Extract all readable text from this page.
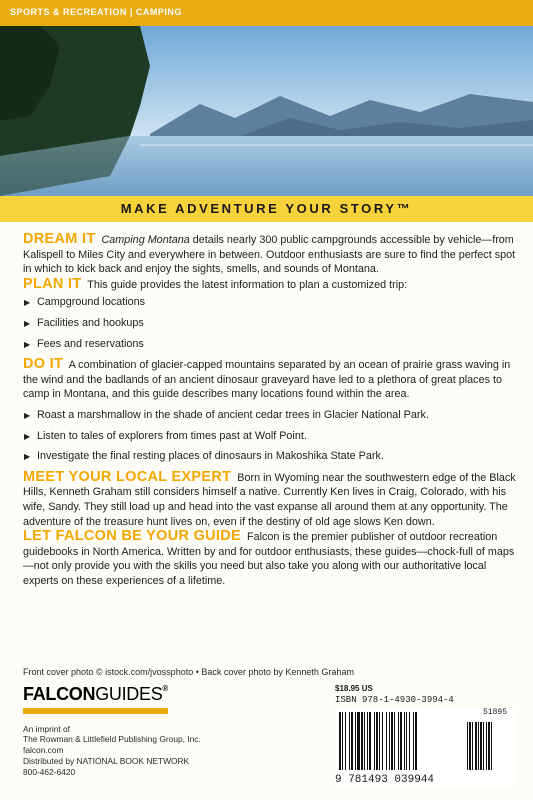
SPORTS & RECREATION | CAMPING
MAKE ADVENTURE YOUR STORY™

DREAM IT Camping Montana details nearly 300 public campgrounds accessible by vehicle—from Kalispell to Miles City and everywhere in between. Outdoor enthusiasts are sure to find the perfect spot in which to kick back and enjoy the sights, smells, and sounds of Montana.

PLAN IT This guide provides the latest information to plan a customized trip:

▶ Campground locations
▶ Facilities and hookups
▶ Fees and reservations

DO IT A combination of glacier-capped mountains separated by an ocean of prairie grass waving in the wind and the badlands of an ancient dinosaur graveyard have led to a plethora of great places to camp in Montana, and this guide describes many locations found within the area.

▶ Roast a marshmallow in the shade of ancient cedar trees in Glacier National Park.
▶ Listen to tales of explorers from times past at Wolf Point.
▶ Investigate the final resting places of dinosaurs in Makoshika State Park.

MEET YOUR LOCAL EXPERT Born in Wyoming near the southwestern edge of the Black Hills, Kenneth Graham still considers himself a native. Currently Ken lives in Craig, Colorado, with his wife, Sandy. They still load up and head into the vast expanse all around them at any opportunity. The adventure of the treasure hunt lives on, even if the destiny of old age slows Ken down.

LET FALCON BE YOUR GUIDE Falcon is the premier publisher of outdoor recreation guidebooks in North America. Written by and for outdoor enthusiasts, these guides—chock-full of maps—not only provide you with the skills you need but also take you along with our authoritative local experts on these experiences of a lifetime.

Front cover photo © istock.com/jvossphoto • Back cover photo by Kenneth Graham
FALCONGUIDES®
An imprint of
The Rowman & Littlefield Publishing Group, Inc.
falcon.com
Distributed by NATIONAL BOOK NETWORK
800-462-6420
$18.95 US
ISBN 978-1-4930-3994-4
51895
9 781493 039944
